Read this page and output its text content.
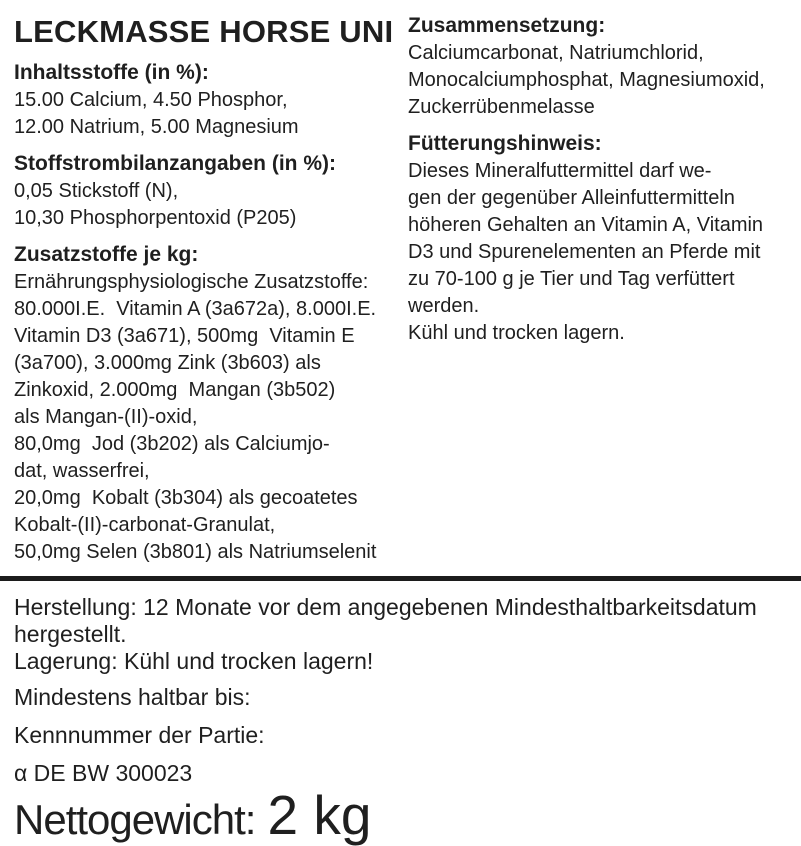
LECKMASSE HORSE UNI
Inhaltsstoffe (in %):
15.00 Calcium, 4.50 Phosphor,
12.00 Natrium, 5.00 Magnesium
Stoffstrombilanzangaben (in %):
0,05 Stickstoff (N),
10,30 Phosphorpentoxid (P205)
Zusatzstoffe je kg:
Ernährungsphysiologische Zusatzstoffe:
80.000I.E.  Vitamin A (3a672a), 8.000I.E.
Vitamin D3 (3a671), 500mg  Vitamin E
(3a700), 3.000mg Zink (3b603) als
Zinkoxid, 2.000mg  Mangan (3b502)
als Mangan-(II)-oxid,
80,0mg  Jod (3b202) als Calciumjo-
dat, wasserfrei,
20,0mg  Kobalt (3b304) als gecoatetes
Kobalt-(II)-carbonat-Granulat,
50,0mg Selen (3b801) als Natriumselenit
Zusammensetzung:
Calciumcarbonat, Natriumchlorid,
Monocalciumphosphat, Magnesiumoxid,
Zuckerrübenmelasse
Fütterungshinweis:
Dieses Mineralfuttermittel darf we-
gen der gegenüber Alleinfuttermitteln
höheren Gehalten an Vitamin A, Vitamin
D3 und Spurenelementen an Pferde mit
zu 70-100 g je Tier und Tag verfüttert
werden.
Kühl und trocken lagern.
Herstellung: 12 Monate vor dem angegebenen Mindesthaltbarkeitsdatum
hergestellt.
Lagerung: Kühl und trocken lagern!
Mindestens haltbar bis:
Kennnummer der Partie:
α DE BW 300023
Nettogewicht: 2 kg
